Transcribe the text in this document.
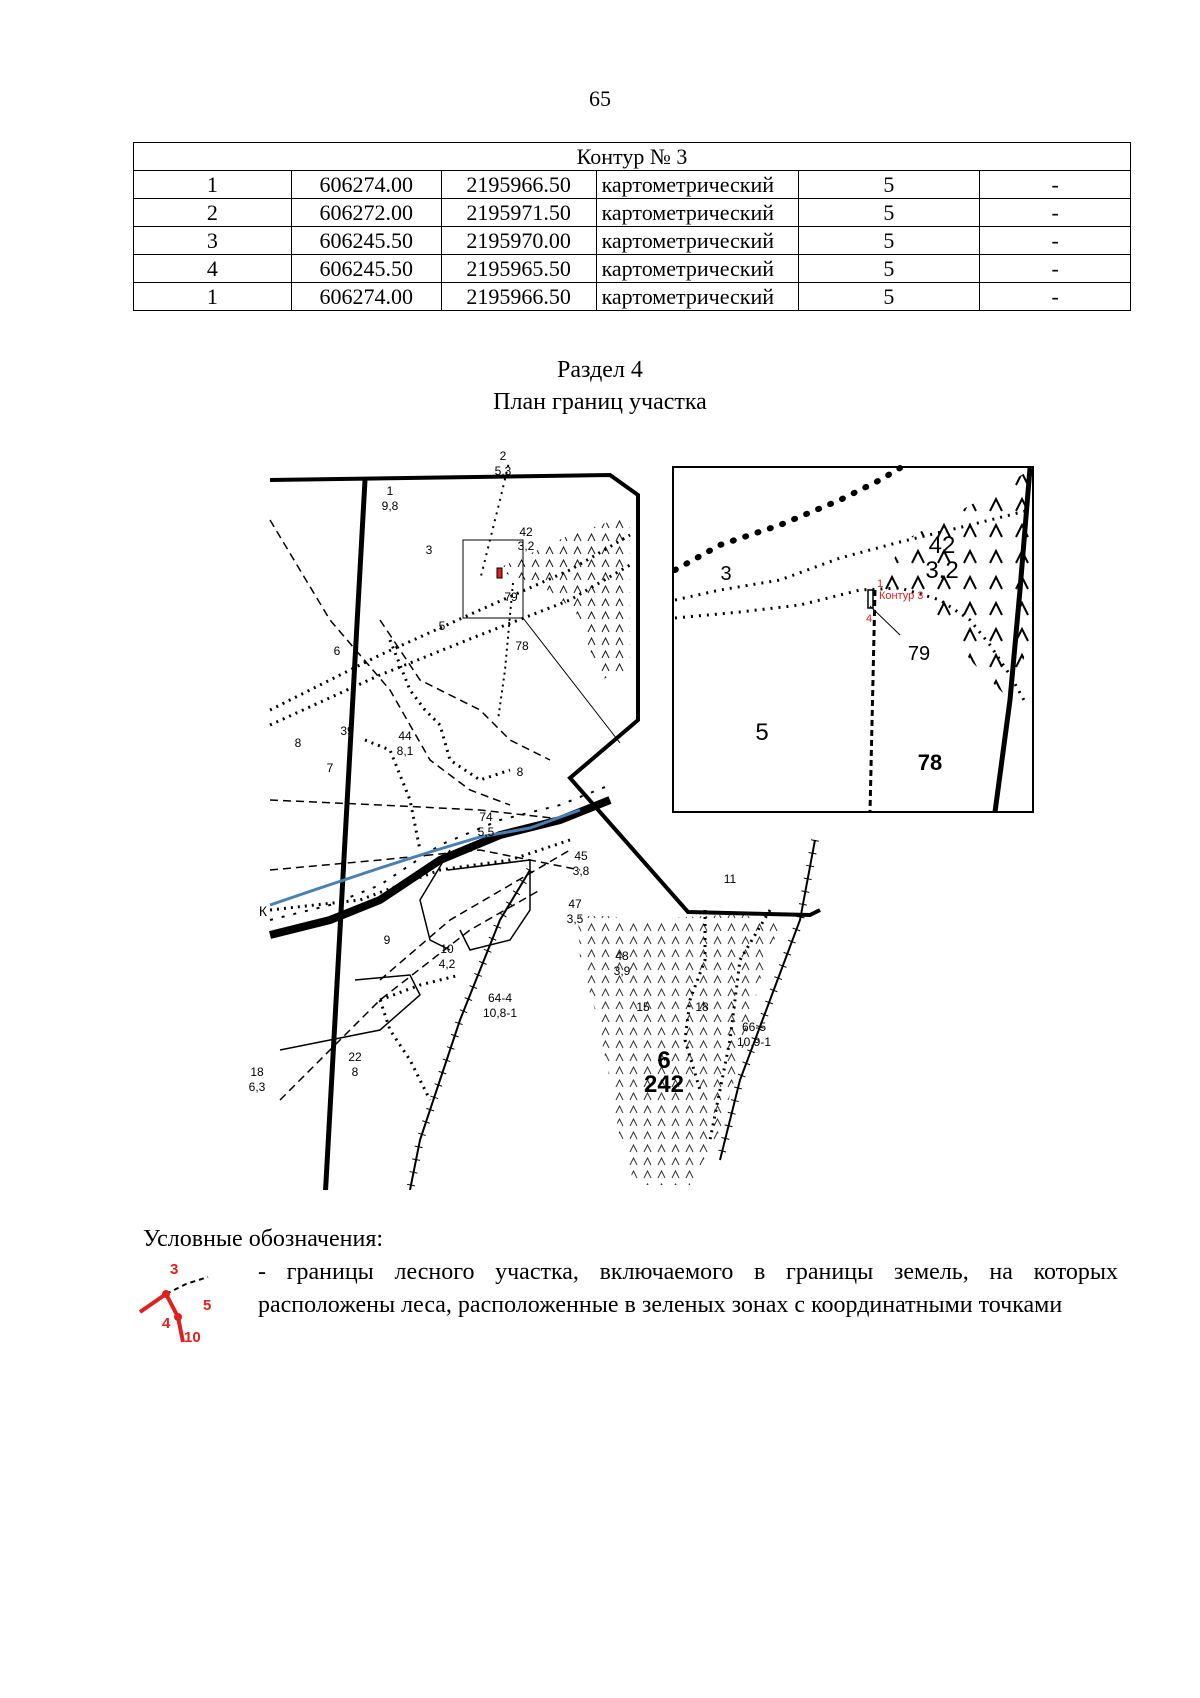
65
Контур № 3					
1	606274.00	2195966.50	картометрический	5	-
2	606272.00	2195971.50	картометрический	5	-
3	606245.50	2195970.00	картометрический	5	-
4	606245.50	2195965.50	картометрический	5	-
1	606274.00	2195966.50	картометрический	5	-
Раздел 4
План границ участка
2
5,3
1
9,8
3
42
3,2
79
5
78
6
39
8	44
8,1
7	8
74
5,5
45
3,8
11
47
3,5
9
10
4,2
48
3,9
64-4
10,8-1	15	18
66-5
10,9-1
18
6,3
22
8	6
242
К
3
42
3,2
79
5
78
1
Контур 3
4
Условные обозначения:
3
5
4
10
- границы лесного участка, включаемого в границы земель, на которых расположены леса, расположенные в зеленых зонах с координатными точками
